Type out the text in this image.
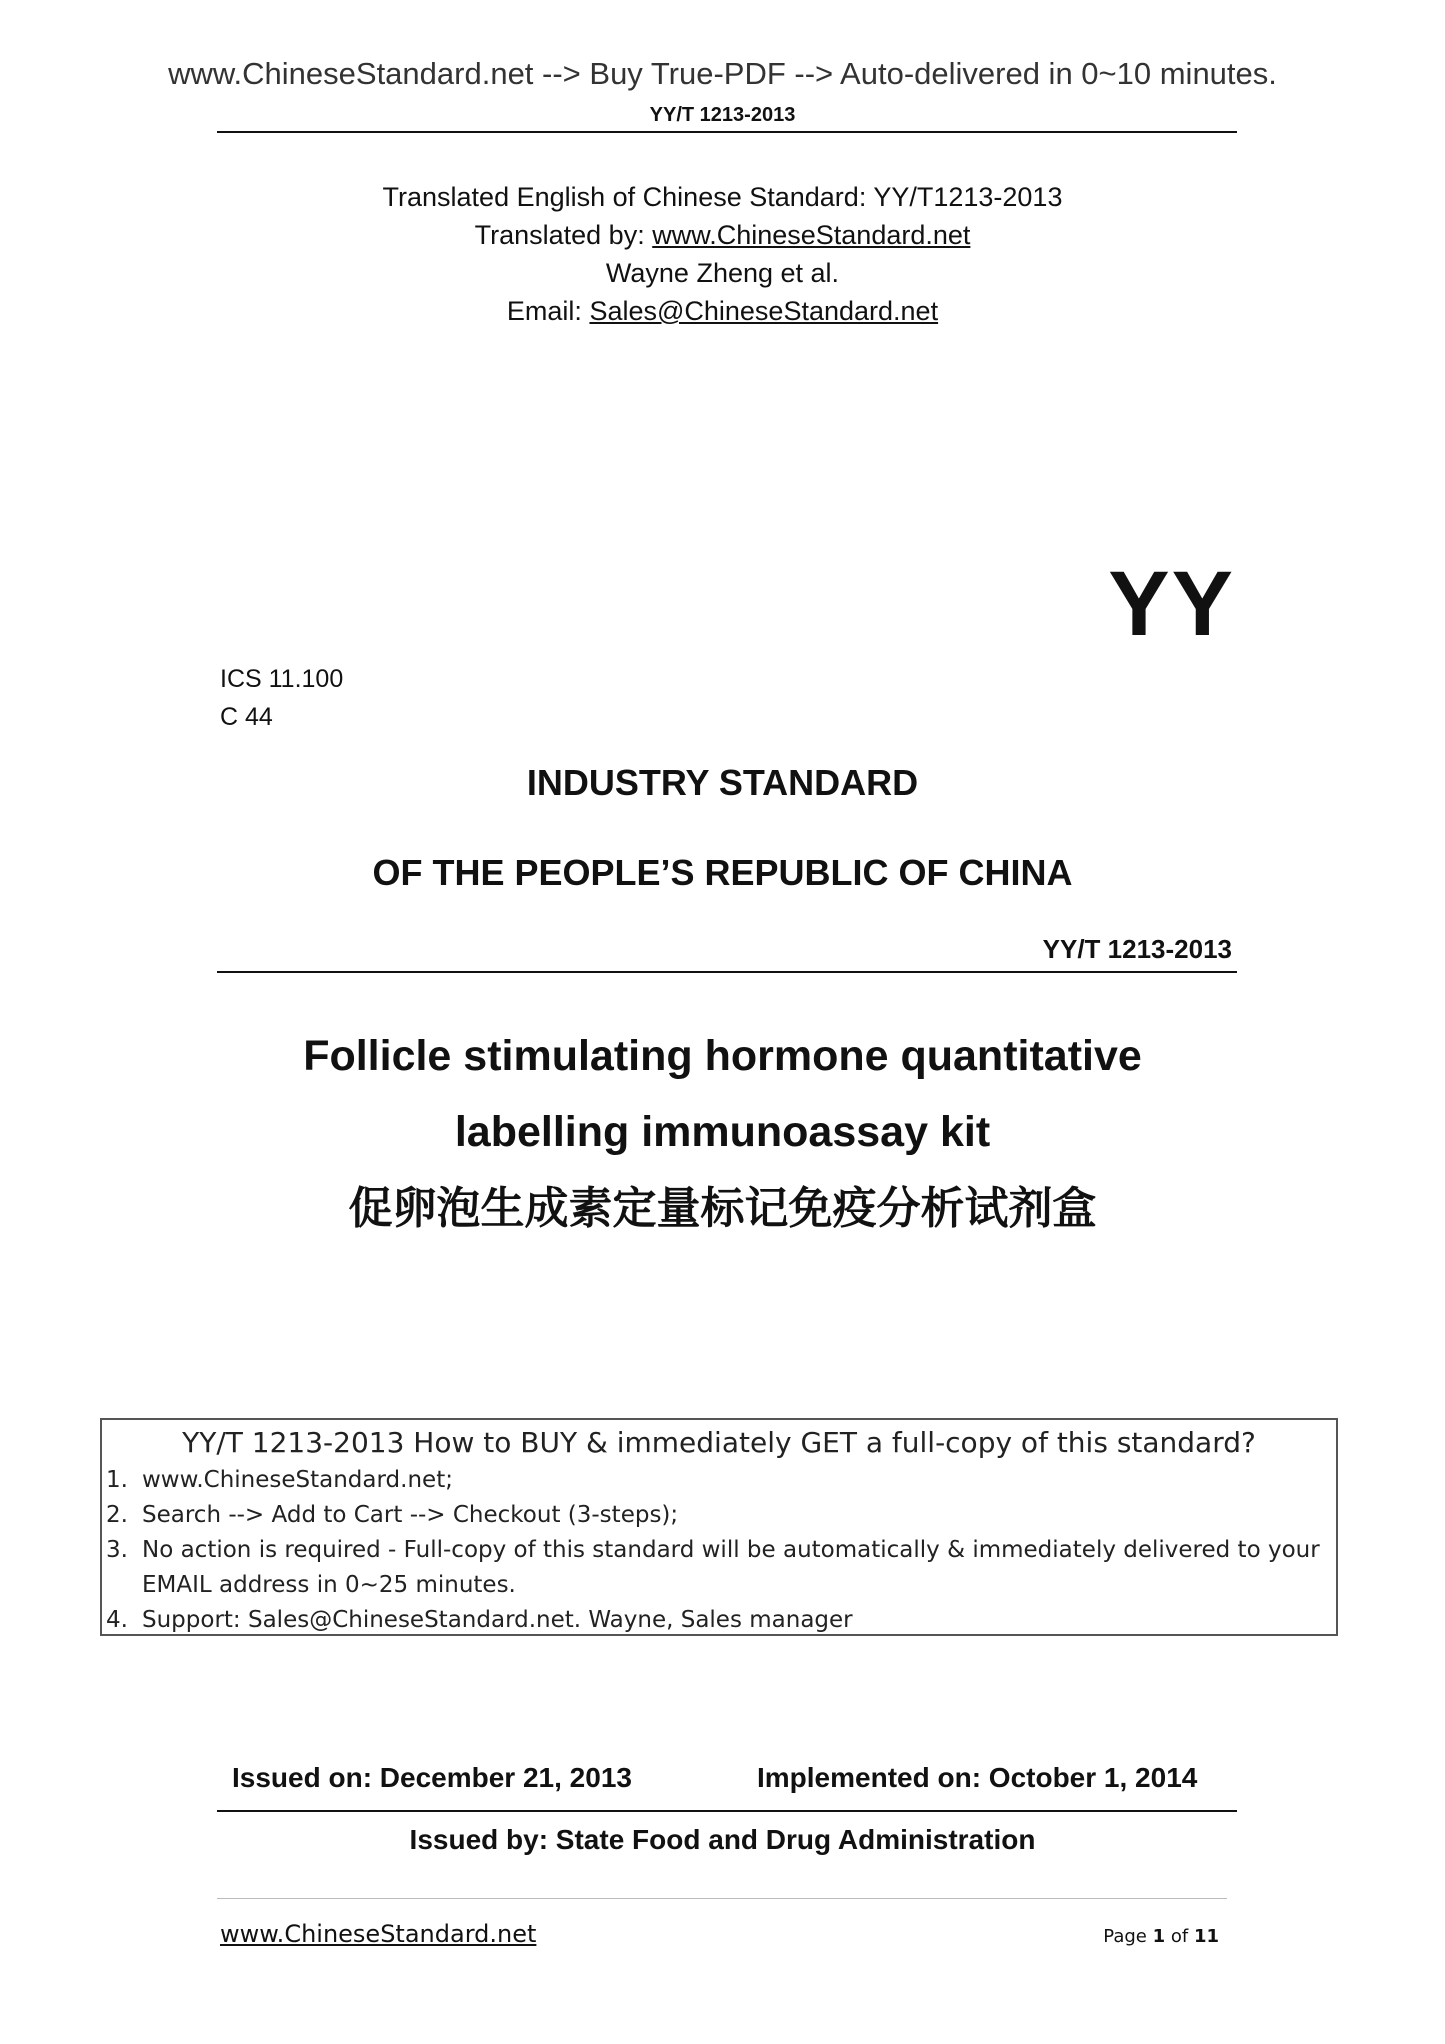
www.ChineseStandard.net --> Buy True-PDF --> Auto-delivered in 0~10 minutes.
YY/T 1213-2013
Translated English of Chinese Standard: YY/T1213-2013
Translated by: www.ChineseStandard.net
Wayne Zheng et al.
Email: Sales@ChineseStandard.net
YY
ICS 11.100
C 44
INDUSTRY STANDARD
OF THE PEOPLE’S REPUBLIC OF CHINA
YY/T 1213-2013
Follicle stimulating hormone quantitative
labelling immunoassay kit
促卵泡生成素定量标记免疫分析试剂盒
YY/T 1213-2013 How to BUY & immediately GET a full-copy of this standard?
1. www.ChineseStandard.net;
2. Search --> Add to Cart --> Checkout (3-steps);
3. No action is required - Full-copy of this standard will be automatically & immediately delivered to your EMAIL address in 0~25 minutes.
4. Support: Sales@ChineseStandard.net. Wayne, Sales manager
Issued on: December 21, 2013	Implemented on: October 1, 2014
Issued by: State Food and Drug Administration
www.ChineseStandard.net	Page 1 of 11
